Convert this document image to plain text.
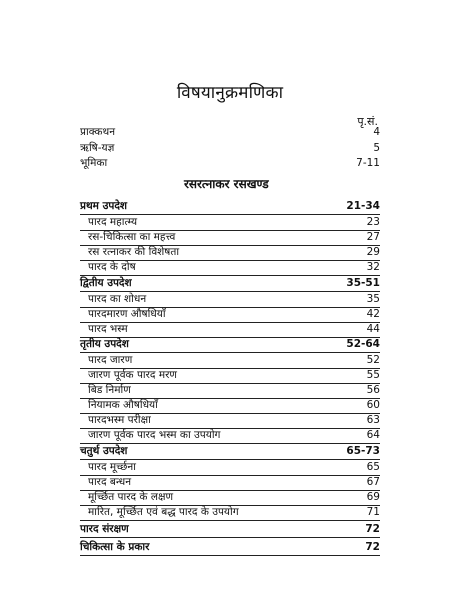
विषयानुक्रमणिका
पृ.सं.
रसरत्नाकर रसखण्ड
प्राक्कथन	4
ऋषि-यज्ञ	5
भूमिका	7-11
प्रथम उपदेश	21-34
पारद महात्म्य	23
रस-चिकित्सा का महत्त्व	27
रस रत्नाकर की विशेषता	29
पारद के दोष	32
द्वितीय उपदेश	35-51
पारद का शोधन	35
पारदमारण औषधियाँ	42
पारद भस्म	44
तृतीय उपदेश	52-64
पारद जारण	52
जारण पूर्वक पारद मरण	55
बिड निर्माण	56
नियामक औषधियाँ	60
पारदभस्म परीक्षा	63
जारण पूर्वक पारद भस्म का उपयोग	64
चतुर्थ उपदेश	65-73
पारद मूर्च्छना	65
पारद बन्धन	67
मूर्च्छित पारद के लक्षण	69
मारित, मूर्च्छित एवं बद्ध पारद के उपयोग	71
पारद संरक्षण	72
चिकित्सा के प्रकार	72
